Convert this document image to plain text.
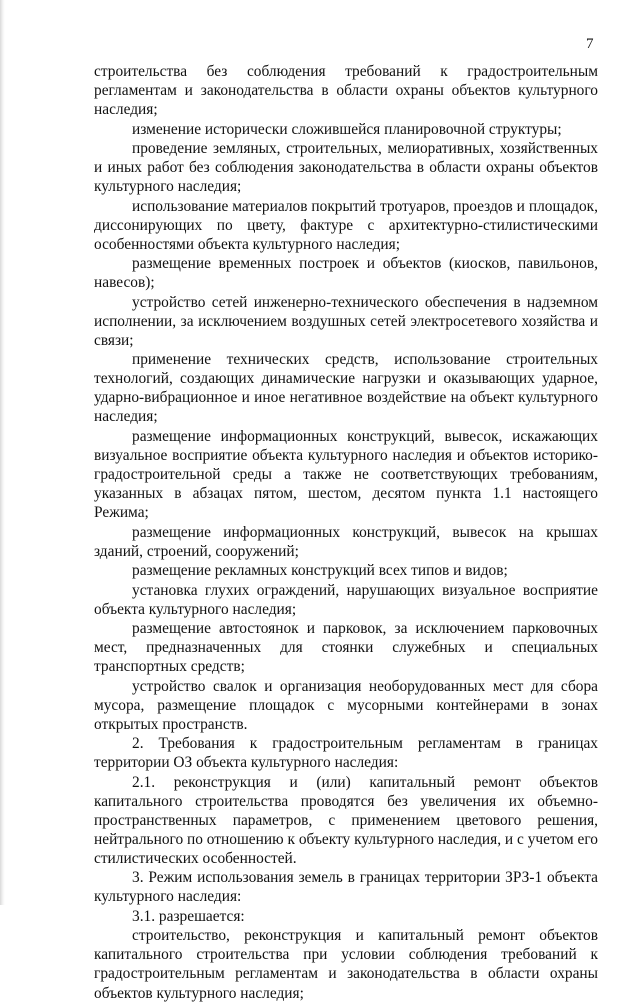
7

строительства без соблюдения требований к градостроительным регламентам и законодательства в области охраны объектов культурного наследия;

изменение исторически сложившейся планировочной структуры;

проведение земляных, строительных, мелиоративных, хозяйственных и иных работ без соблюдения законодательства в области охраны объектов культурного наследия;

использование материалов покрытий тротуаров, проездов и площадок, диссонирующих по цвету, фактуре с архитектурно-стилистическими особенностями объекта культурного наследия;

размещение временных построек и объектов (киосков, павильонов, навесов);

устройство сетей инженерно-технического обеспечения в надземном исполнении, за исключением воздушных сетей электросетевого хозяйства и связи;

применение технических средств, использование строительных технологий, создающих динамические нагрузки и оказывающих ударное, ударно-вибрационное и иное негативное воздействие на объект культурного наследия;

размещение информационных конструкций, вывесок, искажающих визуальное восприятие объекта культурного наследия и объектов историко-градостроительной среды а также не соответствующих требованиям, указанных в абзацах пятом, шестом, десятом пункта 1.1 настоящего Режима;

размещение информационных конструкций, вывесок на крышах зданий, строений, сооружений;

размещение рекламных конструкций всех типов и видов;

установка глухих ограждений, нарушающих визуальное восприятие объекта культурного наследия;

размещение автостоянок и парковок, за исключением парковочных мест, предназначенных для стоянки служебных и специальных транспортных средств;

устройство свалок и организация необорудованных мест для сбора мусора, размещение площадок с мусорными контейнерами в зонах открытых пространств.

2. Требования к градостроительным регламентам в границах территории ОЗ объекта культурного наследия:

2.1. реконструкция и (или) капитальный ремонт объектов капитального строительства проводятся без увеличения их объемно-пространственных параметров, с применением цветового решения, нейтрального по отношению к объекту культурного наследия, и с учетом его стилистических особенностей.

3. Режим использования земель в границах территории ЗРЗ-1 объекта культурного наследия:

3.1. разрешается:

строительство, реконструкция и капитальный ремонт объектов капитального строительства при условии соблюдения требований к градостроительным регламентам и законодательства в области охраны объектов культурного наследия;
